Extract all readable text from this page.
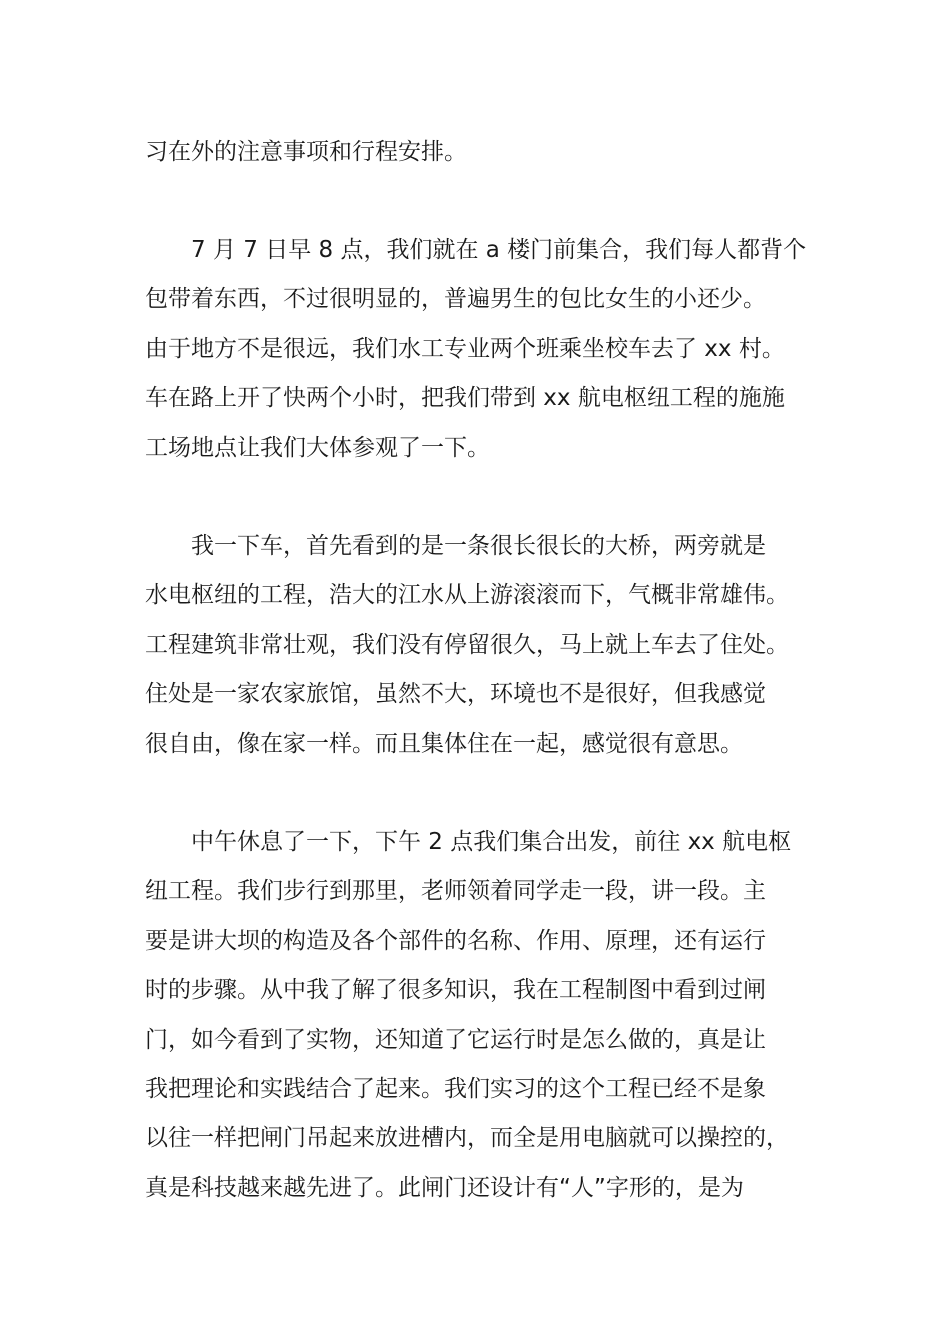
习在外的注意事项和行程安排。
7 月 7 日早 8 点，我们就在 a 楼门前集合，我们每人都背个
包带着东西，不过很明显的，普遍男生的包比女生的小还少。
由于地方不是很远，我们水工专业两个班乘坐校车去了 xx 村。
车在路上开了快两个小时，把我们带到 xx 航电枢纽工程的施施
工场地点让我们大体参观了一下。
我一下车，首先看到的是一条很长很长的大桥，两旁就是
水电枢纽的工程，浩大的江水从上游滚滚而下，气概非常雄伟。
工程建筑非常壮观，我们没有停留很久，马上就上车去了住处。
住处是一家农家旅馆，虽然不大，环境也不是很好，但我感觉
很自由，像在家一样。而且集体住在一起，感觉很有意思。
中午休息了一下，下午 2 点我们集合出发，前往 xx 航电枢
纽工程。我们步行到那里，老师领着同学走一段，讲一段。主
要是讲大坝的构造及各个部件的名称、作用、原理，还有运行
时的步骤。从中我了解了很多知识，我在工程制图中看到过闸
门，如今看到了实物，还知道了它运行时是怎么做的，真是让
我把理论和实践结合了起来。我们实习的这个工程已经不是象
以往一样把闸门吊起来放进槽内，而全是用电脑就可以操控的，
真是科技越来越先进了。此闸门还设计有“人”字形的，是为
